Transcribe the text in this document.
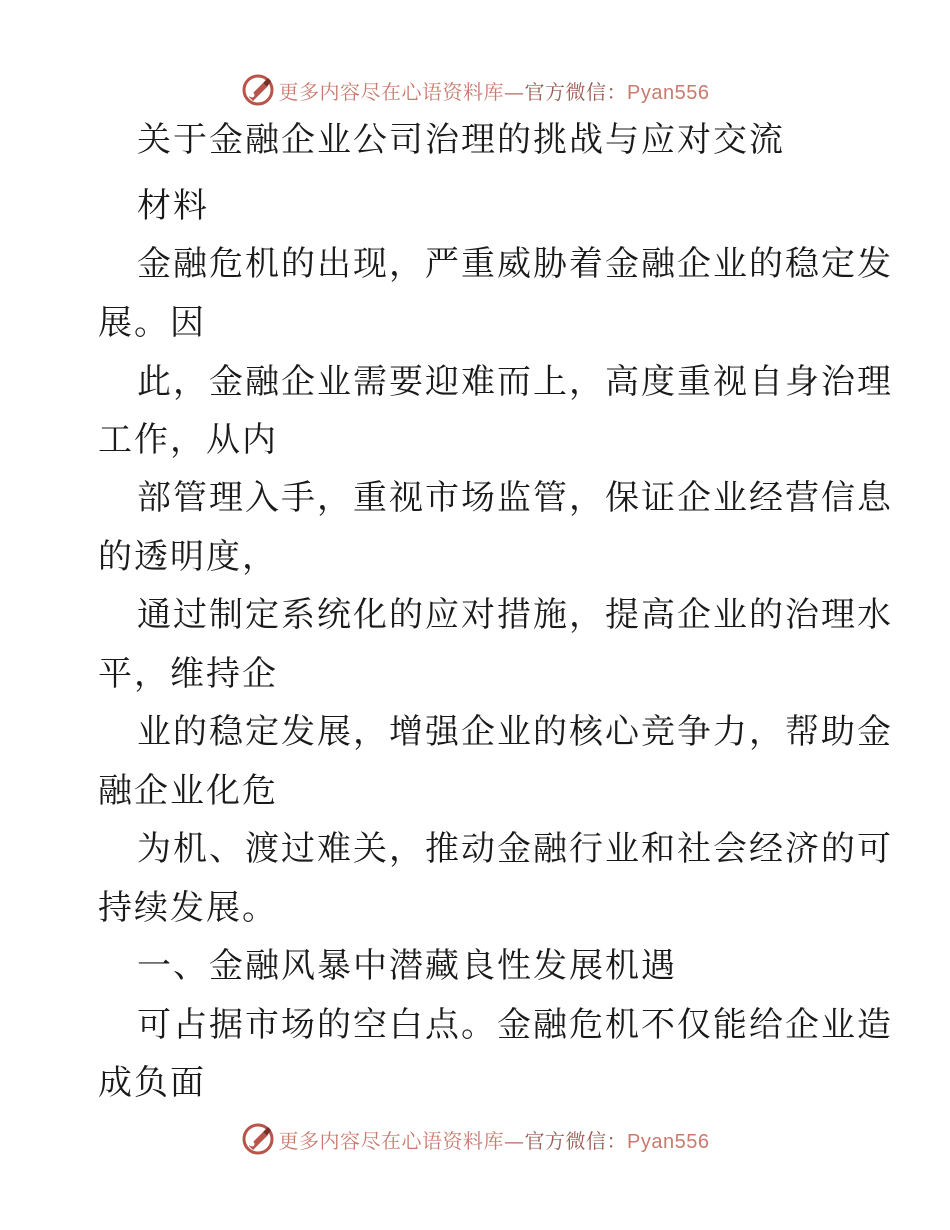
更多内容尽在心语资料库—官方微信：Pyan556
关于金融企业公司治理的挑战与应对交流
材料
金融危机的出现，严重威胁着金融企业的稳定发
展。因
此，金融企业需要迎难而上，高度重视自身治理
工作，从内
部管理入手，重视市场监管，保证企业经营信息
的透明度，
通过制定系统化的应对措施，提高企业的治理水
平，维持企
业的稳定发展，增强企业的核心竞争力，帮助金
融企业化危
为机、渡过难关，推动金融行业和社会经济的可
持续发展。
一、金融风暴中潜藏良性发展机遇
可占据市场的空白点。金融危机不仅能给企业造
成负面
更多内容尽在心语资料库—官方微信：Pyan556
